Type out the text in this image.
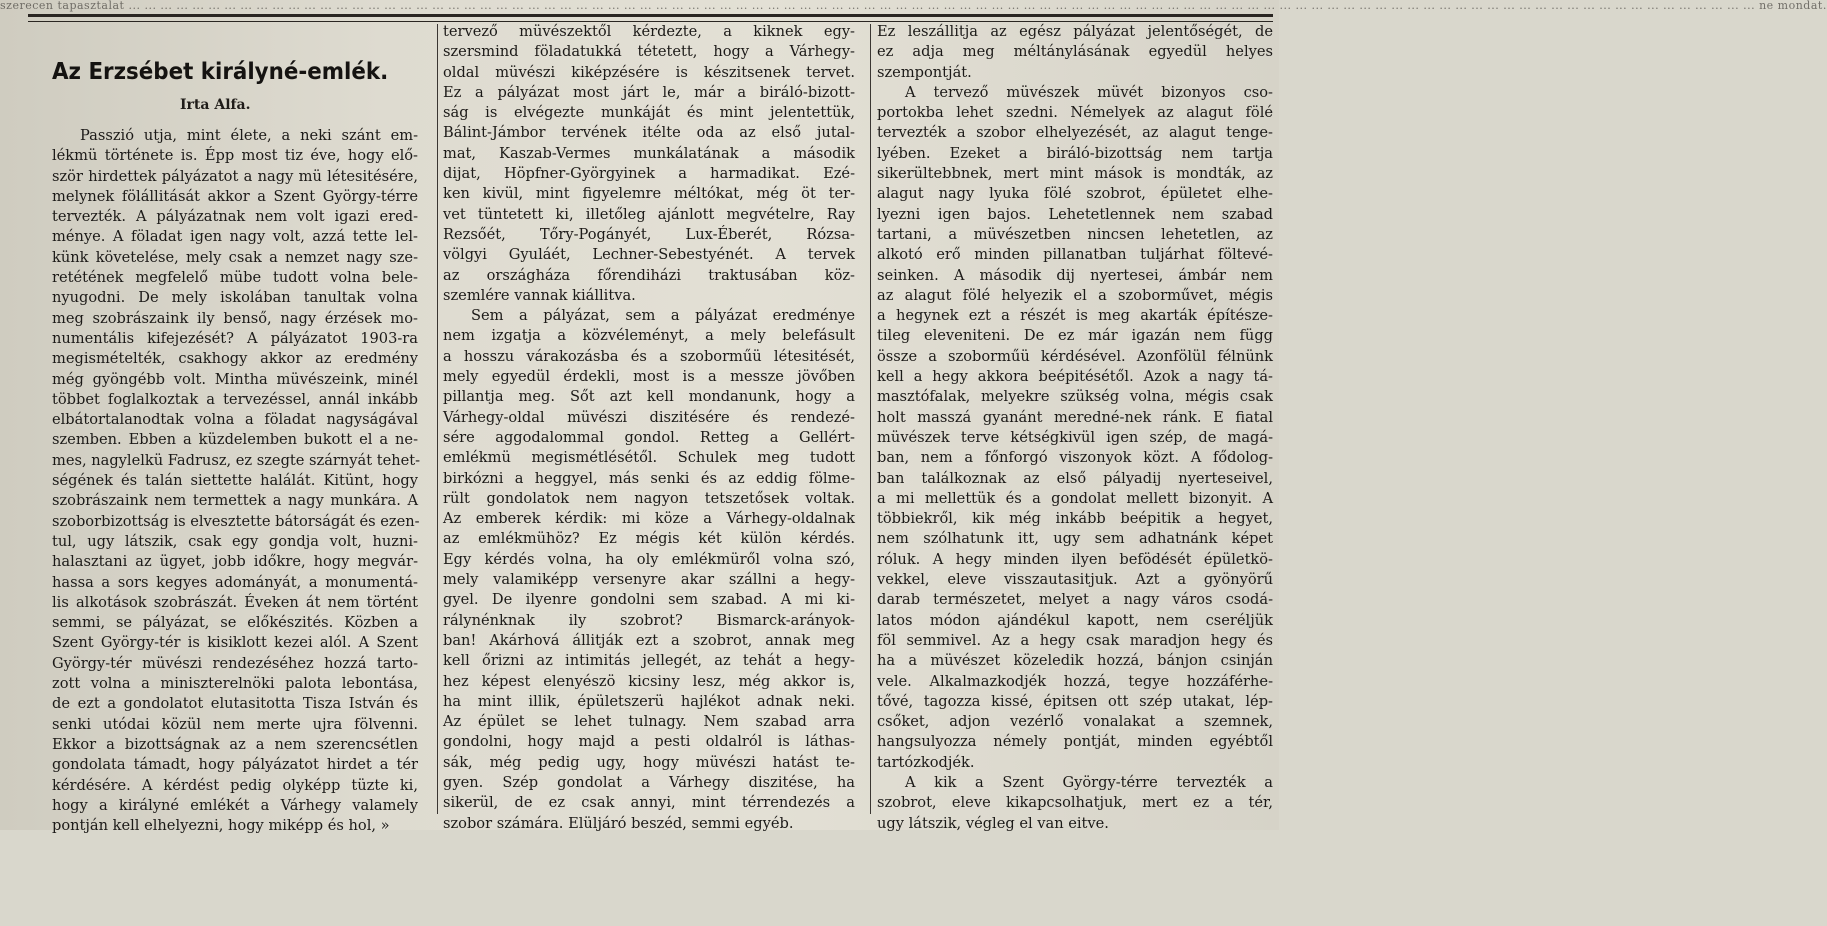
szerecen tapasztalat ... ... ... ... ... ... ... ... ... ... ... ... ... ... ... ... ... ... ... ... ... ... ... ... ... ... ... ... ... ... ... ... ... ... ... ... ... ... ... ... ... ... ... ... ... ... ... ... ... ... ... ... ... ... ... ... ... ... ... ... ... ... ... ... ... ... ... ... ... ... ... ... ... ... ... ... ... ... ... ... ... ... ... ... ... ... ... ... ... ... ... ... ... ... ... ... ... ... ... ... ... ... ne mondat.
Az Erzsébet királyné-emlék.
Irta Alfa.
Passzió utja, mint élete, a neki szánt em-
lékmü története is. Épp most tiz éve, hogy elő-
ször hirdettek pályázatot a nagy mü létesitésére,
melynek fölállitását akkor a Szent György-térre
tervezték. A pályázatnak nem volt igazi ered-
ménye. A föladat igen nagy volt, azzá tette lel-
künk követelése, mely csak a nemzet nagy sze-
retétének megfelelő mübe tudott volna bele-
nyugodni. De mely iskolában tanultak volna
meg szobrászaink ily benső, nagy érzések mo-
numentális kifejezését? A pályázatot 1903-ra
megismételték, csakhogy akkor az eredmény
még gyöngébb volt. Mintha müvészeink, minél
többet foglalkoztak a tervezéssel, annál inkább
elbátortalanodtak volna a föladat nagyságával
szemben. Ebben a küzdelemben bukott el a ne-
mes, nagylelkü Fadrusz, ez szegte szárnyát tehet-
ségének és talán siettette halálát. Kitünt, hogy
szobrászaink nem termettek a nagy munkára. A
szoborbizottság is elvesztette bátorságát és ezen-
tul, ugy látszik, csak egy gondja volt, huzni-
halasztani az ügyet, jobb időkre, hogy megvár-
hassa a sors kegyes adományát, a monumentá-
lis alkotások szobrászát. Éveken át nem történt
semmi, se pályázat, se előkészités. Közben a
Szent György-tér is kisiklott kezei alól. A Szent
György-tér müvészi rendezéséhez hozzá tarto-
zott volna a miniszterelnöki palota lebontása,
de ezt a gondolatot elutasitotta Tisza István és
senki utódai közül nem merte ujra fölvenni.
Ekkor a bizottságnak az a nem szerencsétlen
gondolata támadt, hogy pályázatot hirdet a tér
kérdésére. A kérdést pedig olyképp tüzte ki,
hogy a királyné emlékét a Várhegy valamely
pontján kell elhelyezni, hogy miképp és hol, »
tervező müvészektől kérdezte, a kiknek egy-
szersmind föladatukká tétetett, hogy a Várhegy-
oldal müvészi kiképzésére is készitsenek tervet.
Ez a pályázat most járt le, már a biráló-bizott-
ság is elvégezte munkáját és mint jelentettük,
Bálint-Jámbor tervének itélte oda az első jutal-
mat, Kaszab-Vermes munkálatának a második
dijat, Höpfner-Györgyinek a harmadikat. Ezé-
ken kivül, mint figyelemre méltókat, még öt ter-
vet tüntetett ki, illetőleg ajánlott megvételre, Ray
Rezsőét, Tőry-Pogányét, Lux-Éberét, Rózsa-
völgyi Gyuláét, Lechner-Sebestyénét. A tervek
az országháza főrendiházi traktusában köz-
szemlére vannak kiállitva.
Sem a pályázat, sem a pályázat eredménye
nem izgatja a közvéleményt, a mely belefásult
a hosszu várakozásba és a szoborműü létesitését,
mely egyedül érdekli, most is a messze jövőben
pillantja meg. Sőt azt kell mondanunk, hogy a
Várhegy-oldal müvészi diszitésére és rendezé-
sére aggodalommal gondol. Retteg a Gellért-
emlékmü megismétlésétől. Schulek meg tudott
birkózni a heggyel, más senki és az eddig fölme-
rült gondolatok nem nagyon tetszetősek voltak.
Az emberek kérdik: mi köze a Várhegy-oldalnak
az emlékmühöz? Ez mégis két külön kérdés.
Egy kérdés volna, ha oly emlékmüről volna szó,
mely valamiképp versenyre akar szállni a hegy-
gyel. De ilyenre gondolni sem szabad. A mi ki-
rálynénknak ily szobrot? Bismarck-arányok-
ban! Akárhová állitják ezt a szobrot, annak meg
kell őrizni az intimitás jellegét, az tehát a hegy-
hez képest elenyészö kicsiny lesz, még akkor is,
ha mint illik, épületszerü hajlékot adnak neki.
Az épület se lehet tulnagy. Nem szabad arra
gondolni, hogy majd a pesti oldalról is láthas-
sák, még pedig ugy, hogy müvészi hatást te-
gyen. Szép gondolat a Várhegy diszitése, ha
sikerül, de ez csak annyi, mint térrendezés a
szobor számára. Elüljáró beszéd, semmi egyéb.
Ez leszállitja az egész pályázat jelentőségét, de
ez adja meg méltánylásának egyedül helyes
szempontját.
A tervező müvészek müvét bizonyos cso-
portokba lehet szedni. Némelyek az alagut fölé
tervezték a szobor elhelyezését, az alagut tenge-
lyében. Ezeket a biráló-bizottság nem tartja
sikerültebbnek, mert mint mások is mondták, az
alagut nagy lyuka fölé szobrot, épületet elhe-
lyezni igen bajos. Lehetetlennek nem szabad
tartani, a müvészetben nincsen lehetetlen, az
alkotó erő minden pillanatban tuljárhat föltevé-
seinken. A második dij nyertesei, ámbár nem
az alagut fölé helyezik el a szoborművet, mégis
a hegynek ezt a részét is meg akarták építésze-
tileg eleveniteni. De ez már igazán nem függ
össze a szoborműü kérdésével. Azonfölül félnünk
kell a hegy akkora beépitésétől. Azok a nagy tá-
masztófalak, melyekre szükség volna, mégis csak
holt masszá gyanánt meredné-nek ránk. E fiatal
müvészek terve kétségkivül igen szép, de magá-
ban, nem a főnforgó viszonyok közt. A fődolog-
ban találkoznak az első pályadij nyerteseivel,
a mi mellettük és a gondolat mellett bizonyit. A
többiekről, kik még inkább beépitik a hegyet,
nem szólhatunk itt, ugy sem adhatnánk képet
róluk. A hegy minden ilyen befödését épületkö-
vekkel, eleve visszautasitjuk. Azt a gyönyörű
darab természetet, melyet a nagy város csodá-
latos módon ajándékul kapott, nem cseréljük
föl semmivel. Az a hegy csak maradjon hegy és
ha a müvészet közeledik hozzá, bánjon csinján
vele. Alkalmazkodjék hozzá, tegye hozzáférhe-
tővé, tagozza kissé, épitsen ott szép utakat, lép-
csőket, adjon vezérlő vonalakat a szemnek,
hangsulyozza némely pontját, minden egyébtől
tartózkodjék.
A kik a Szent György-térre tervezték a
szobrot, eleve kikapcsolhatjuk, mert ez a tér,
ugy látszik, végleg el van eitve.
